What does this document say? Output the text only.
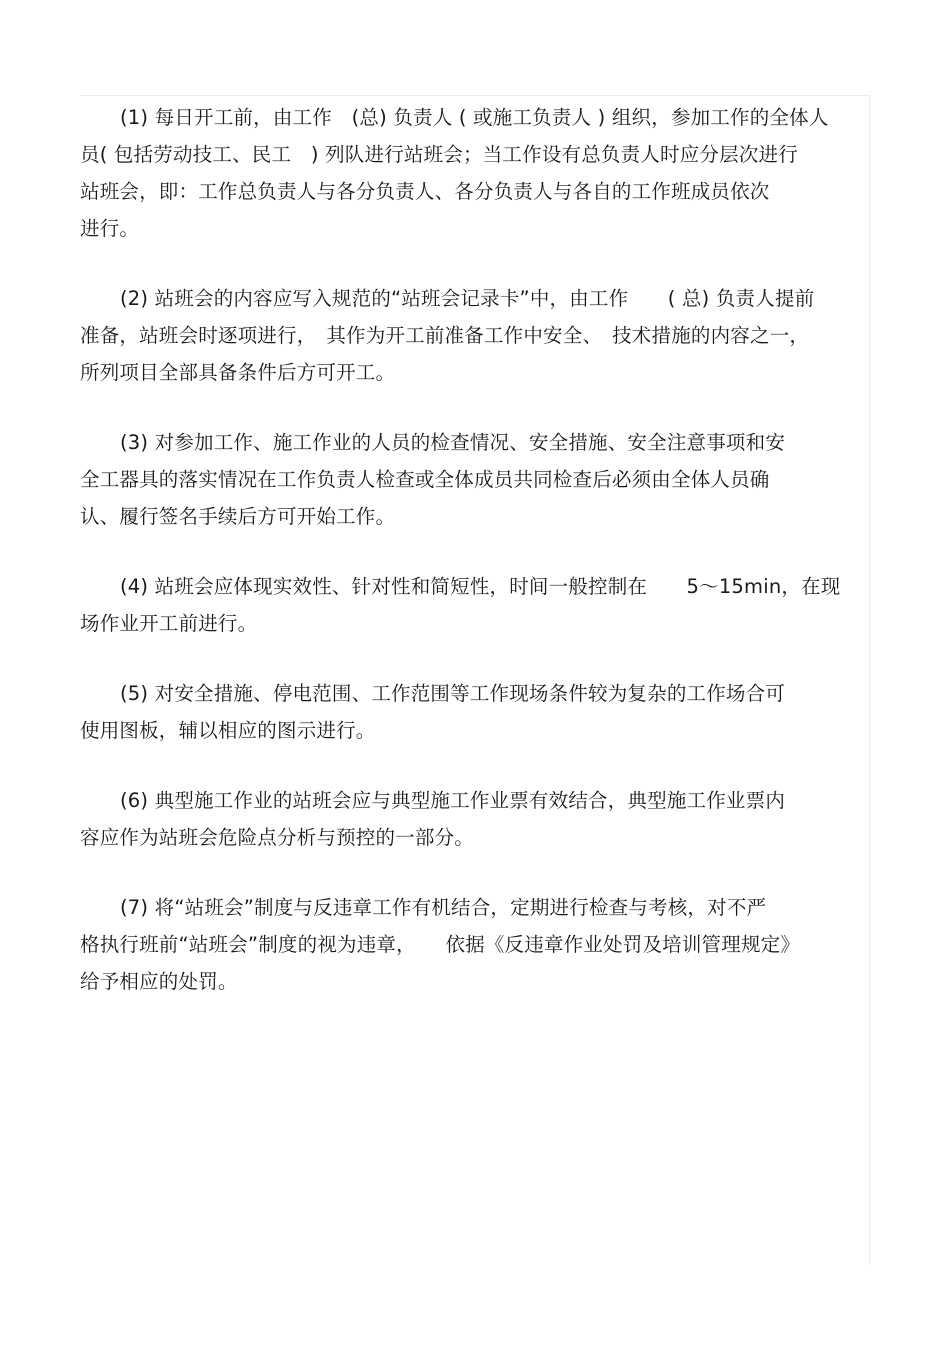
(1) 每日开工前，由工作　(总) 负责人 ( 或施工负责人 ) 组织，参加工作的全体人
员( 包括劳动技工、民工　) 列队进行站班会；当工作设有总负责人时应分层次进行
站班会，即：工作总负责人与各分负责人、各分负责人与各自的工作班成员依次
进行。
(2) 站班会的内容应写入规范的“站班会记录卡”中，由工作　　( 总) 负责人提前
准备，站班会时逐项进行，　其作为开工前准备工作中安全、　技术措施的内容之一，
所列项目全部具备条件后方可开工。
(3) 对参加工作、施工作业的人员的检查情况、安全措施、安全注意事项和安
全工器具的落实情况在工作负责人检查或全体成员共同检查后必须由全体人员确
认、履行签名手续后方可开始工作。
(4) 站班会应体现实效性、针对性和简短性，时间一般控制在　　5～15min，在现
场作业开工前进行。
(5) 对安全措施、停电范围、工作范围等工作现场条件较为复杂的工作场合可
使用图板，辅以相应的图示进行。
(6) 典型施工作业的站班会应与典型施工作业票有效结合，典型施工作业票内
容应作为站班会危险点分析与预控的一部分。
(7) 将“站班会”制度与反违章工作有机结合，定期进行检查与考核，对不严
格执行班前“站班会”制度的视为违章，　　依据《反违章作业处罚及培训管理规定》
给予相应的处罚。
